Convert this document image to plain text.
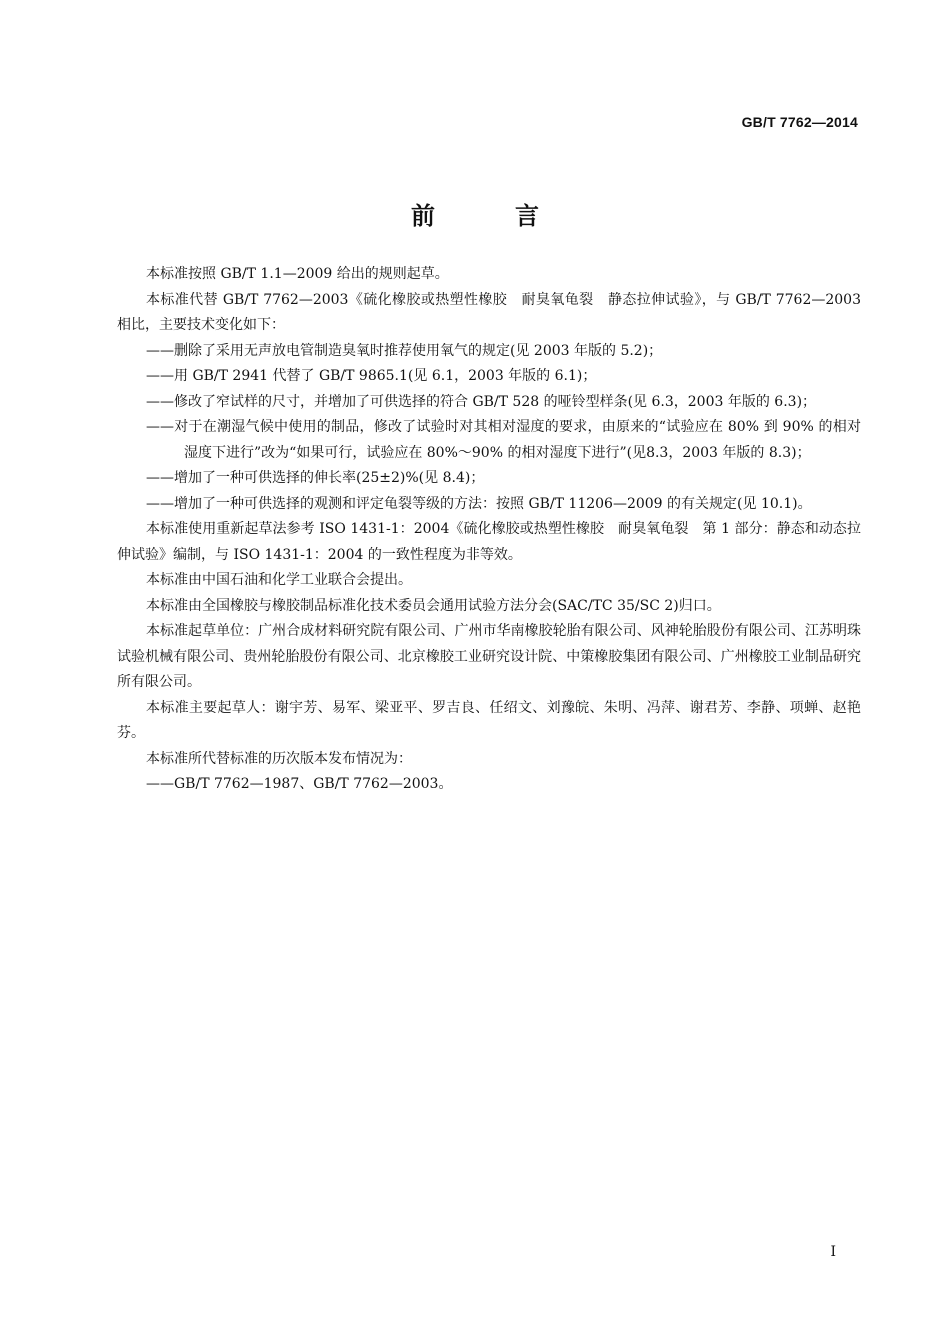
GB/T 7762—2014
前　言

本标准按照 GB/T 1.1—2009 给出的规则起草。

本标准代替 GB/T 7762—2003《硫化橡胶或热塑性橡胶　耐臭氧龟裂　静态拉伸试验》，与 GB/T 7762—2003 相比，主要技术变化如下：

——删除了采用无声放电管制造臭氧时推荐使用氧气的规定(见 2003 年版的 5.2)；

——用 GB/T 2941 代替了 GB/T 9865.1(见 6.1，2003 年版的 6.1)；

——修改了窄试样的尺寸，并增加了可供选择的符合 GB/T 528 的哑铃型样条(见 6.3，2003 年版的 6.3)；

——对于在潮湿气候中使用的制品，修改了试验时对其相对湿度的要求，由原来的“试验应在 80% 到 90% 的相对湿度下进行”改为“如果可行，试验应在 80%～90% 的相对湿度下进行”(见8.3，2003 年版的 8.3)；

——增加了一种可供选择的伸长率(25±2)%(见 8.4)；

——增加了一种可供选择的观测和评定龟裂等级的方法：按照 GB/T 11206—2009 的有关规定(见 10.1)。

本标准使用重新起草法参考 ISO 1431-1：2004《硫化橡胶或热塑性橡胶　耐臭氧龟裂　第 1 部分：静态和动态拉伸试验》编制，与 ISO 1431-1：2004 的一致性程度为非等效。

本标准由中国石油和化学工业联合会提出。

本标准由全国橡胶与橡胶制品标准化技术委员会通用试验方法分会(SAC/TC 35/SC 2)归口。

本标准起草单位：广州合成材料研究院有限公司、广州市华南橡胶轮胎有限公司、风神轮胎股份有限公司、江苏明珠试验机械有限公司、贵州轮胎股份有限公司、北京橡胶工业研究设计院、中策橡胶集团有限公司、广州橡胶工业制品研究所有限公司。

本标准主要起草人：谢宇芳、易军、梁亚平、罗吉良、任绍文、刘豫皖、朱明、冯萍、谢君芳、李静、项蝉、赵艳芬。

本标准所代替标准的历次版本发布情况为：

——GB/T 7762—1987、GB/T 7762—2003。

I
